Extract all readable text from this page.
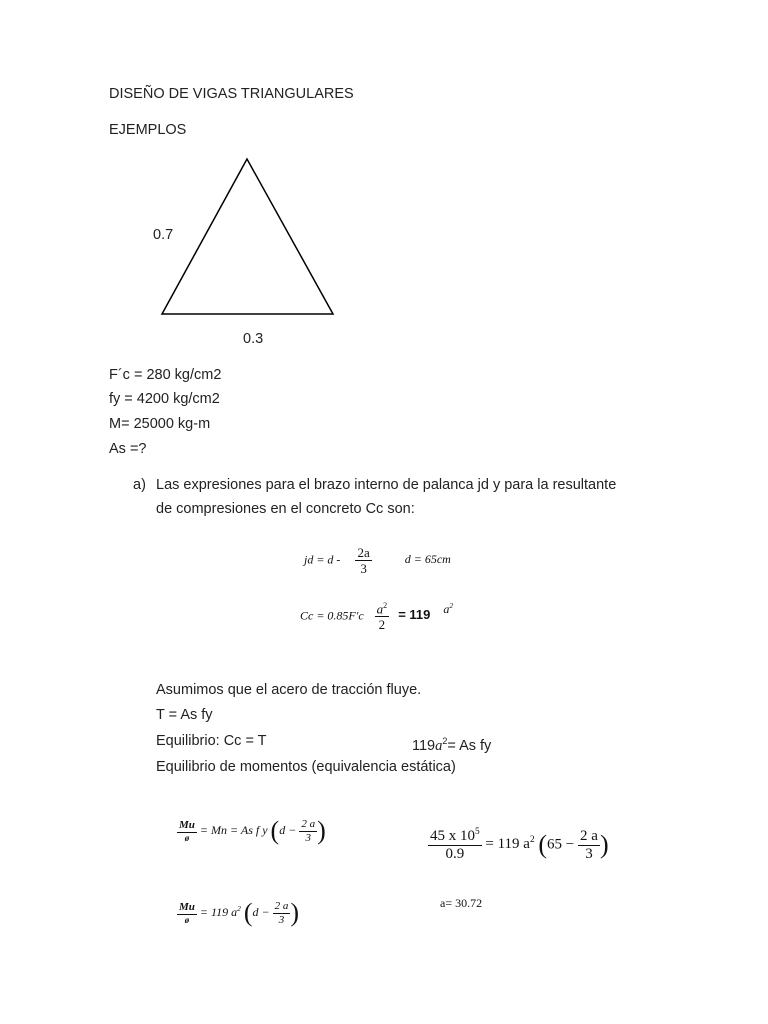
DISEÑO DE VIGAS TRIANGULARES
EJEMPLOS
0.7
0.3
F´c = 280 kg/cm2
fy = 4200 kg/cm2
M= 25000 kg-m
As =?
a) Las expresiones para el brazo interno de palanca jd y para la resultante
de compresiones en el concreto Cc son:
jd = d - $\frac{2a}{3}$	d = 65cm
$Cc = 0.85F'c \frac{a^2}{2} = 119$ $a^2$
Asumimos que el acero de tracción fluye.
T = As fy
Equilibrio: Cc = T	$119a^2= As$ fy
Equilibrio de momentos (equivalencia estática)
$\frac{Mu}{ø} = Mn = As$ f y ($d - \frac{2 a}{3}$ )	$\frac{45 x 10^5}{0.9} = 119$ $a^2$ ($65 - \frac{2 a}{3}$ )
$\frac{Mu}{ø} = 119$ $a^2$ ($d - \frac{2 a}{3}$ )	a= 30.72
